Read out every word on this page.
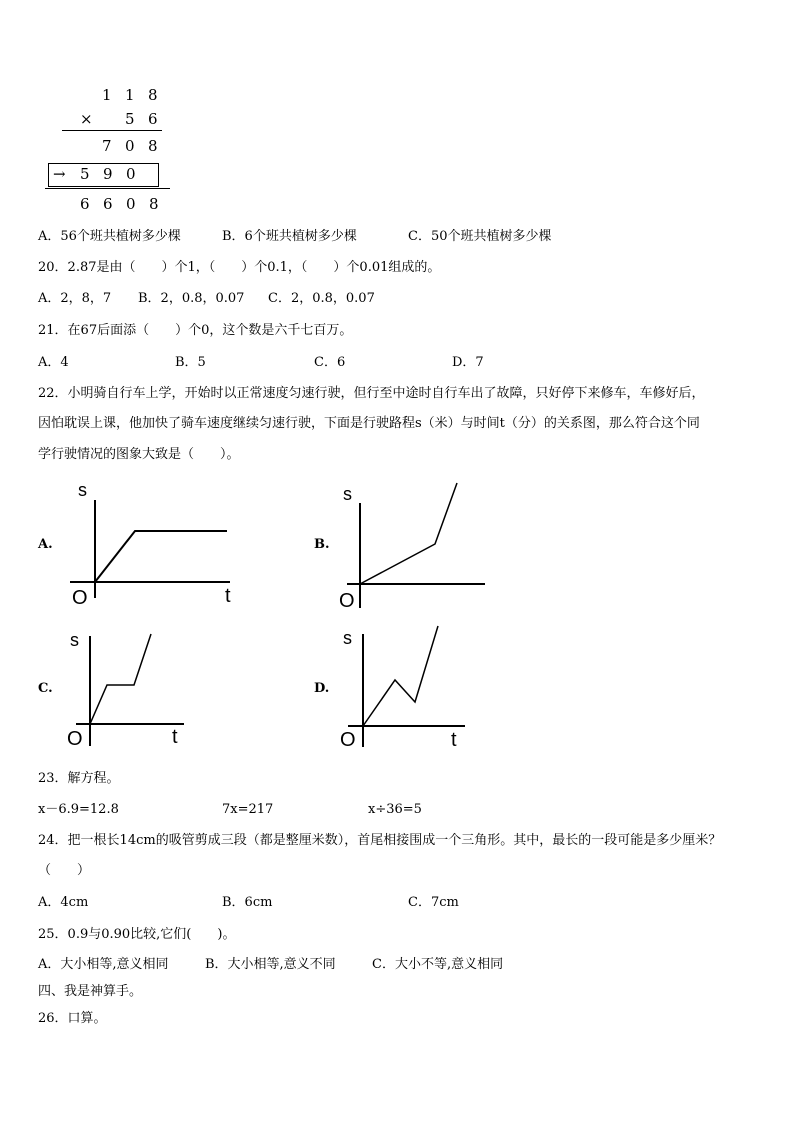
1 1 8
× 5 6
7 0 8
→ 5 9 0
6 6 0 8
A．56个班共植树多少棵	B．6个班共植树多少棵	C．50个班共植树多少棵
20．2.87是由（　　）个1，（　　）个0.1，（　　）个0.01组成的。
A．2，8，7 B．2，0.8，0.07 C．2，0.8，0.07
21．在67后面添（　　）个0，这个数是六千七百万。
A．4	B．5	C．6	D．7
22．小明骑自行车上学，开始时以正常速度匀速行驶，但行至中途时自行车出了故障，只好停下来修车，车修好后，
因怕耽误上课，他加快了骑车速度继续匀速行驶，下面是行驶路程s（米）与时间t（分）的关系图，那么符合这个同
学行驶情况的图象大致是（　　）。
A.
s
t
O
B.
s
O
C.
s
t
O
D.
s
t
O
23．解方程。
x－6.9=12.8	7x=217	x÷36=5
24．把一根长14cm的吸管剪成三段（都是整厘米数），首尾相接围成一个三角形。其中，最长的一段可能是多少厘米？
（　　）
A．4cm	B．6cm	C．7cm
25．0.9与0.90比较,它们(　　)。
A．大小相等,意义相同	B．大小相等,意义不同	C．大小不等,意义相同
四、我是神算手。
26．口算。
